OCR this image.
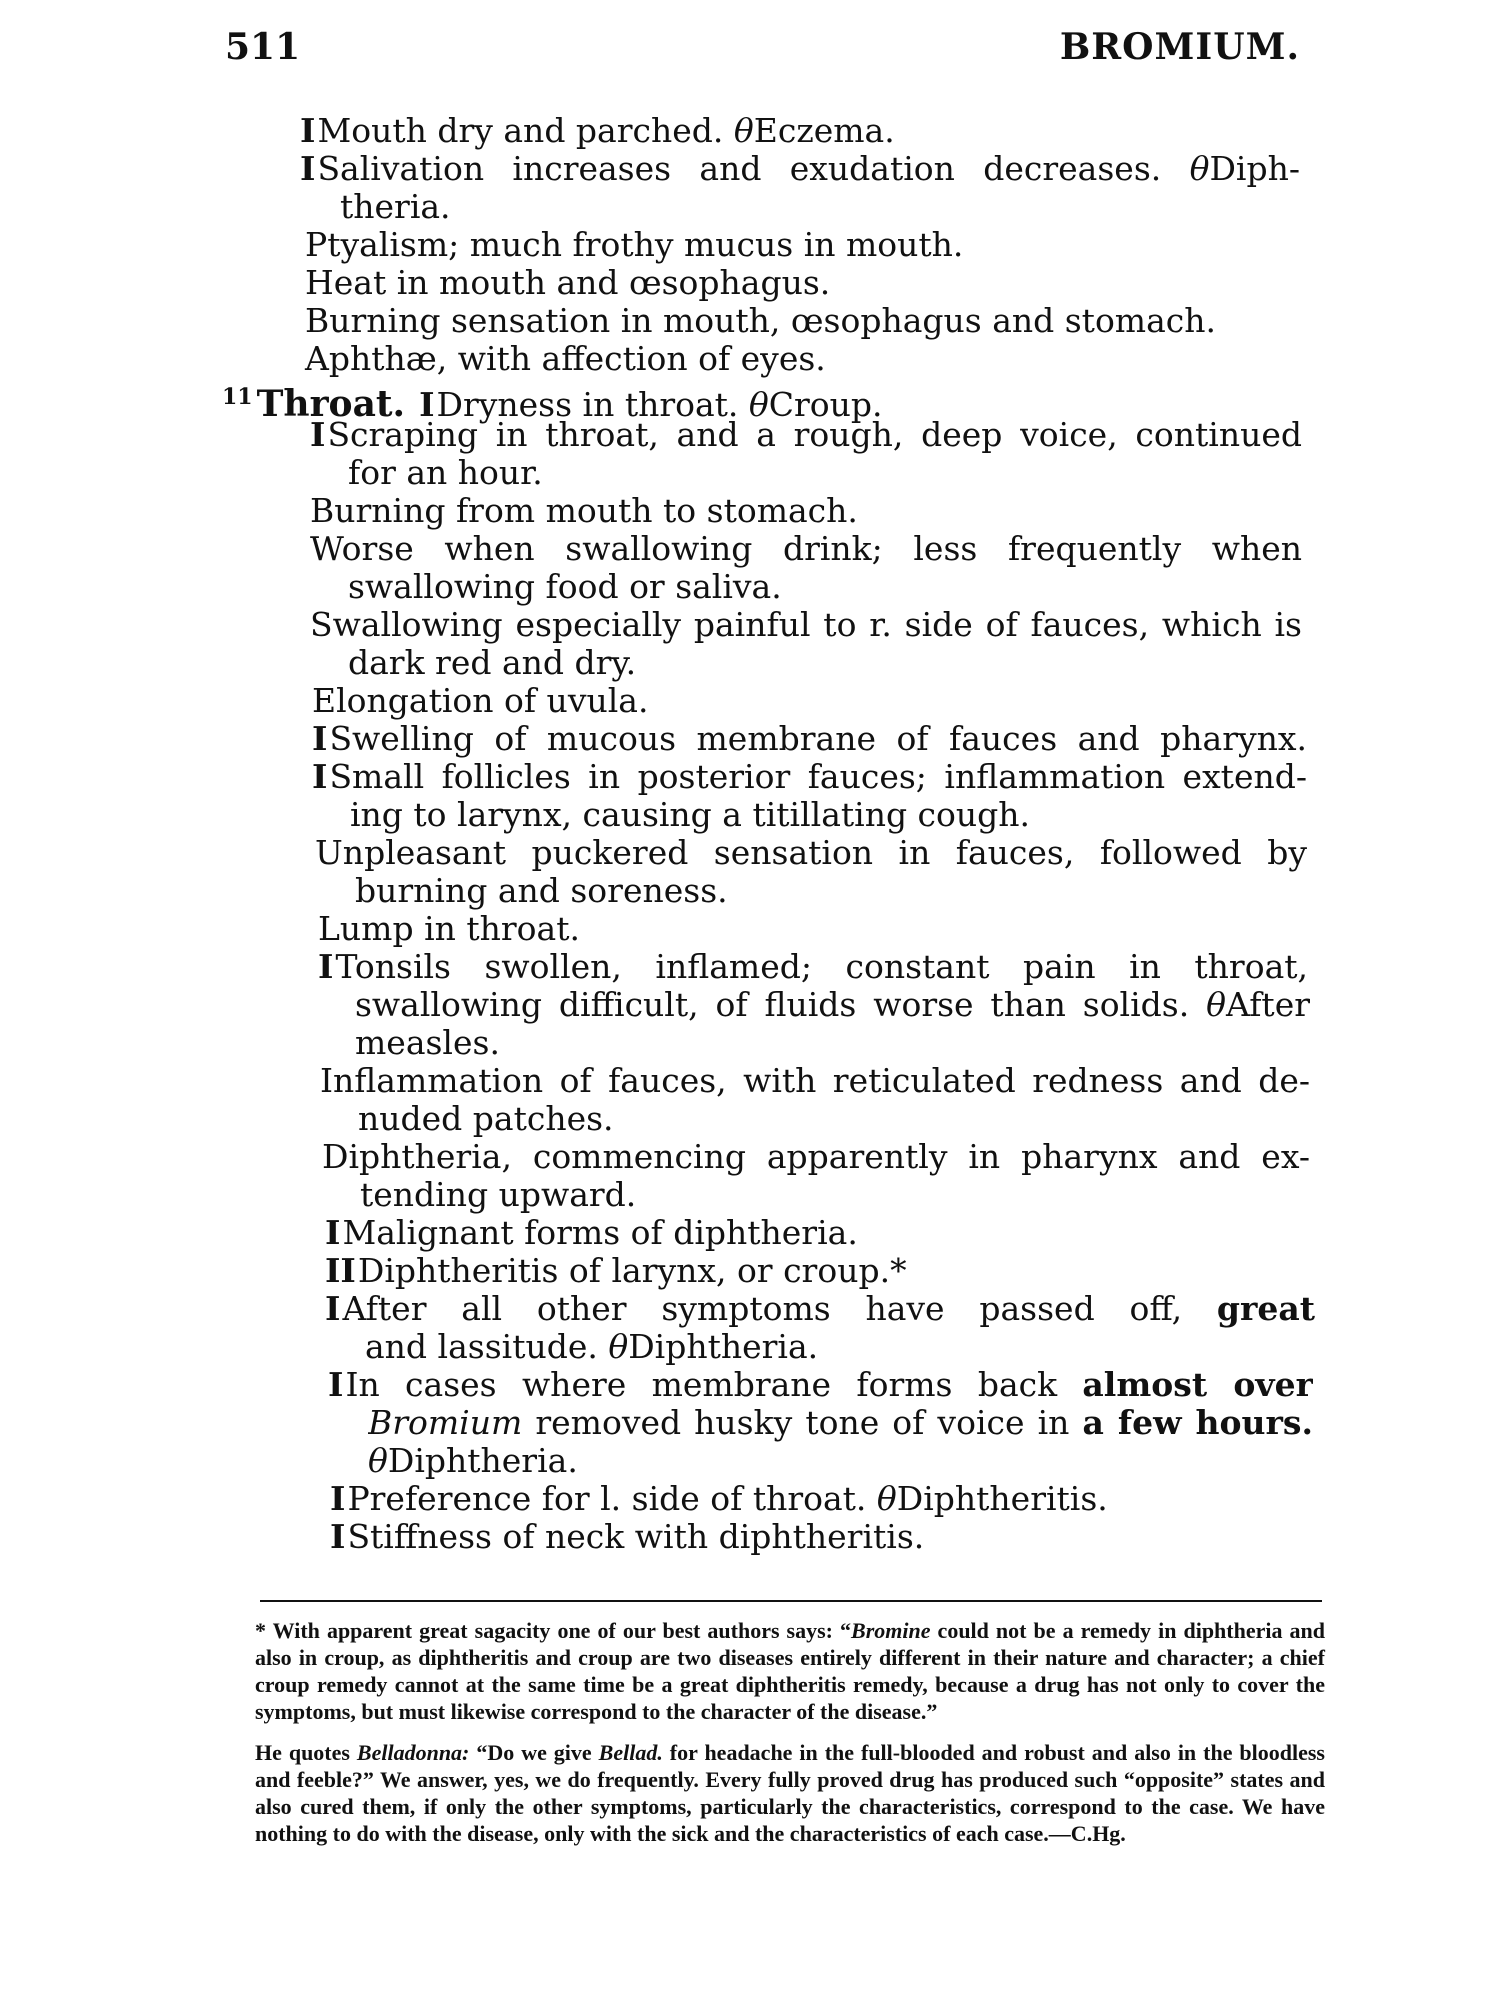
511	BROMIUM.
IMouth dry and parched. θEczema.
ISalivation increases and exudation decreases. θDiph-
theria.
Ptyalism; much frothy mucus in mouth.
Heat in mouth and œsophagus.
Burning sensation in mouth, œsophagus and stomach.
Aphthæ, with affection of eyes.
$^{11}$ Throat. IDryness in throat. θCroup.
IScraping in throat, and a rough, deep voice, continued
for an hour.
Burning from mouth to stomach.
Worse when swallowing drink; less frequently when
swallowing food or saliva.
Swallowing especially painful to r. side of fauces, which is
dark red and dry.
Elongation of uvula.
ISwelling of mucous membrane of fauces and pharynx.
ISmall follicles in posterior fauces; inflammation extend-
ing to larynx, causing a titillating cough.
Unpleasant puckered sensation in fauces, followed by
burning and soreness.
Lump in throat.
ITonsils swollen, inflamed; constant pain in throat,
swallowing difficult, of fluids worse than solids. θAfter
measles.
Inflammation of fauces, with reticulated redness and de-
nuded patches.
Diphtheria, commencing apparently in pharynx and ex-
tending upward.
IMalignant forms of diphtheria.
IIDiphtheritis of larynx, or croup.*
IAfter all other symptoms have passed off, great
and lassitude. θDiphtheria.
IIn cases where membrane forms back almost over
Bromium removed husky tone of voice in a few hours.
θDiphtheria.
IPreference for l. side of throat. θDiphtheritis.
IStiffness of neck with diphtheritis.

* With apparent great sagacity one of our best authors says: “Bromine could not be a remedy in diphtheria and also in croup, as diphtheritis and croup are two diseases entirely different in their nature and character; a chief croup remedy cannot at the same time be a great diphtheritis remedy, because a drug has not only to cover the symptoms, but must likewise correspond to the character of the disease.”

He quotes Belladonna: “Do we give Bellad. for headache in the full-blooded and robust and also in the bloodless and feeble?” We answer, yes, we do frequently. Every fully proved drug has produced such “opposite” states and also cured them, if only the other symptoms, particularly the characteristics, correspond to the case. We have nothing to do with the disease, only with the sick and the characteristics of each case.—C.Hg.
